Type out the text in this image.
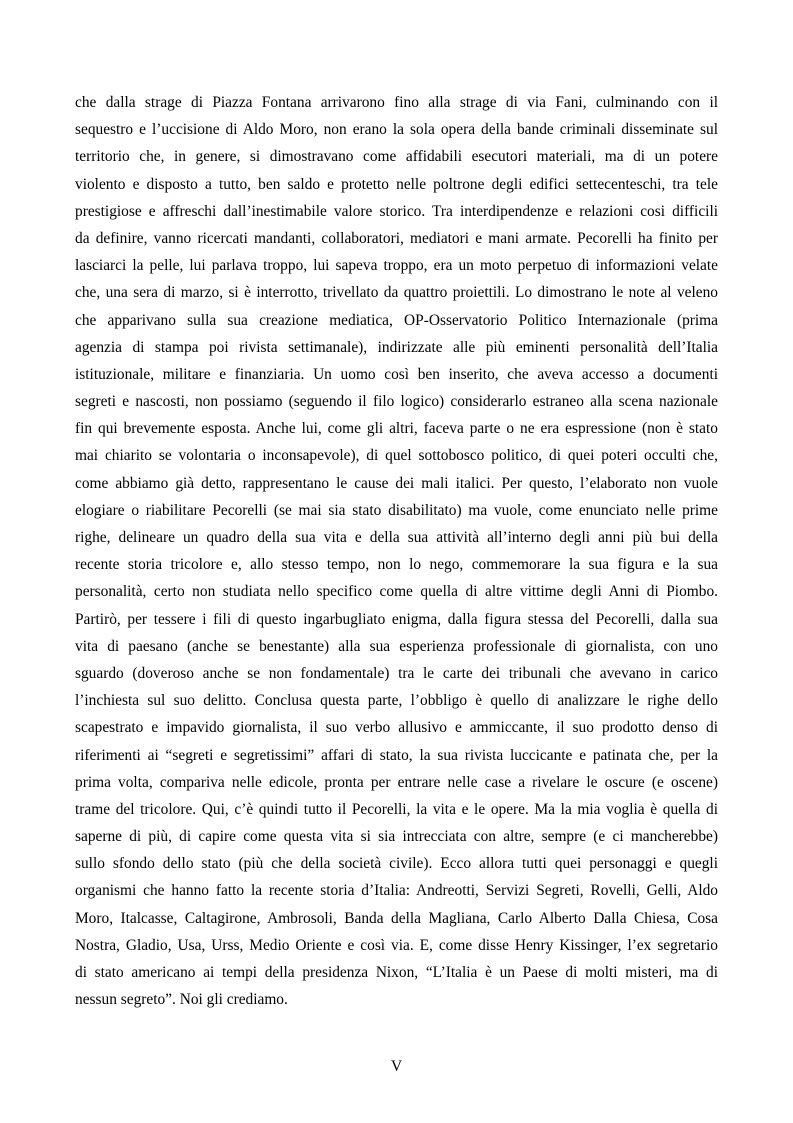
che dalla strage di Piazza Fontana arrivarono fino alla strage di via Fani, culminando con il
sequestro e l’uccisione di Aldo Moro, non erano la sola opera della bande criminali disseminate sul
territorio che, in genere, si dimostravano come affidabili esecutori materiali, ma di un potere
violento e disposto a tutto, ben saldo e protetto nelle poltrone degli edifici settecenteschi, tra tele
prestigiose e affreschi dall’inestimabile valore storico. Tra interdipendenze e relazioni cosi difficili
da definire, vanno ricercati mandanti, collaboratori, mediatori e mani armate. Pecorelli ha finito per
lasciarci la pelle, lui parlava troppo, lui sapeva troppo, era un moto perpetuo di informazioni velate
che, una sera di marzo, si è interrotto, trivellato da quattro proiettili. Lo dimostrano le note al veleno
che apparivano sulla sua creazione mediatica, OP-Osservatorio Politico Internazionale (prima
agenzia di stampa poi rivista settimanale), indirizzate alle più eminenti personalità dell’Italia
istituzionale, militare e finanziaria. Un uomo così ben inserito, che aveva accesso a documenti
segreti e nascosti, non possiamo (seguendo il filo logico) considerarlo estraneo alla scena nazionale
fin qui brevemente esposta. Anche lui, come gli altri, faceva parte o ne era espressione (non è stato
mai chiarito se volontaria o inconsapevole), di quel sottobosco politico, di quei poteri occulti che,
come abbiamo già detto, rappresentano le cause dei mali italici. Per questo, l’elaborato non vuole
elogiare o riabilitare Pecorelli (se mai sia stato disabilitato) ma vuole, come enunciato nelle prime
righe, delineare un quadro della sua vita e della sua attività all’interno degli anni più bui della
recente storia tricolore e, allo stesso tempo, non lo nego, commemorare la sua figura e la sua
personalità, certo non studiata nello specifico come quella di altre vittime degli Anni di Piombo.
Partirò, per tessere i fili di questo ingarbugliato enigma, dalla figura stessa del Pecorelli, dalla sua
vita di paesano (anche se benestante) alla sua esperienza professionale di giornalista, con uno
sguardo (doveroso anche se non fondamentale) tra le carte dei tribunali che avevano in carico
l’inchiesta sul suo delitto. Conclusa questa parte, l’obbligo è quello di analizzare le righe dello
scapestrato e impavido giornalista, il suo verbo allusivo e ammiccante, il suo prodotto denso di
riferimenti ai “segreti e segretissimi” affari di stato, la sua rivista luccicante e patinata che, per la
prima volta, compariva nelle edicole, pronta per entrare nelle case a rivelare le oscure (e oscene)
trame del tricolore. Qui, c’è quindi tutto il Pecorelli, la vita e le opere. Ma la mia voglia è quella di
saperne di più, di capire come questa vita si sia intrecciata con altre, sempre (e ci mancherebbe)
sullo sfondo dello stato (più che della società civile). Ecco allora tutti quei personaggi e quegli
organismi che hanno fatto la recente storia d’Italia: Andreotti, Servizi Segreti, Rovelli, Gelli, Aldo
Moro, Italcasse, Caltagirone, Ambrosoli, Banda della Magliana, Carlo Alberto Dalla Chiesa, Cosa
Nostra, Gladio, Usa, Urss, Medio Oriente e così via. E, come disse Henry Kissinger, l’ex segretario
di stato americano ai tempi della presidenza Nixon, “L’Italia è un Paese di molti misteri, ma di
nessun segreto”. Noi gli crediamo.
V
